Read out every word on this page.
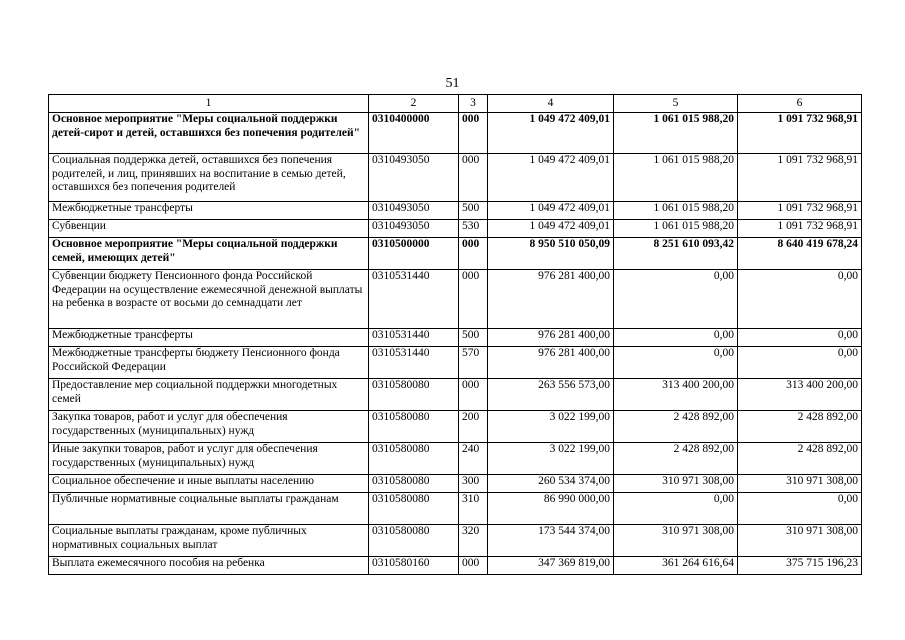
51
1	2	3	4	5	6
Основное мероприятие "Меры социальной поддержки детей-сирот и детей, оставшихся без попечения родителей"	0310400000	000	1 049 472 409,01	1 061 015 988,20	1 091 732 968,91
Социальная поддержка детей, оставшихся без попечения родителей, и лиц, принявших на воспитание в семью детей, оставшихся без попечения родителей	0310493050	000	1 049 472 409,01	1 061 015 988,20	1 091 732 968,91
Межбюджетные трансферты	0310493050	500	1 049 472 409,01	1 061 015 988,20	1 091 732 968,91
Субвенции	0310493050	530	1 049 472 409,01	1 061 015 988,20	1 091 732 968,91
Основное мероприятие "Меры социальной поддержки семей, имеющих детей"	0310500000	000	8 950 510 050,09	8 251 610 093,42	8 640 419 678,24
Субвенции бюджету Пенсионного фонда Российской Федерации на осуществление ежемесячной денежной выплаты на ребенка в возрасте от восьми до семнадцати лет	0310531440	000	976 281 400,00	0,00	0,00
Межбюджетные трансферты	0310531440	500	976 281 400,00	0,00	0,00
Межбюджетные трансферты бюджету Пенсионного фонда Российской Федерации	0310531440	570	976 281 400,00	0,00	0,00
Предоставление мер социальной поддержки многодетных семей	0310580080	000	263 556 573,00	313 400 200,00	313 400 200,00
Закупка товаров, работ и услуг для обеспечения государственных (муниципальных) нужд	0310580080	200	3 022 199,00	2 428 892,00	2 428 892,00
Иные закупки товаров, работ и услуг для обеспечения государственных (муниципальных) нужд	0310580080	240	3 022 199,00	2 428 892,00	2 428 892,00
Социальное обеспечение и иные выплаты населению	0310580080	300	260 534 374,00	310 971 308,00	310 971 308,00
Публичные нормативные социальные выплаты гражданам	0310580080	310	86 990 000,00	0,00	0,00
Социальные выплаты гражданам, кроме публичных нормативных социальных выплат	0310580080	320	173 544 374,00	310 971 308,00	310 971 308,00
Выплата ежемесячного пособия на ребенка	0310580160	000	347 369 819,00	361 264 616,64	375 715 196,23
